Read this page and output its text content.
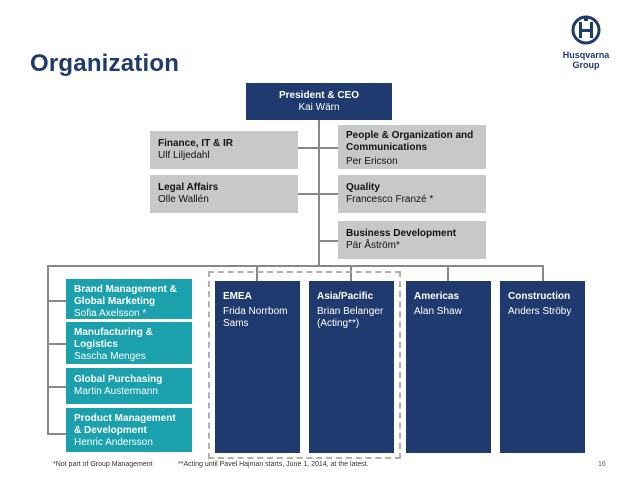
Organization	Husqvarna
Group
President & CEO
Kai Wärn
Finance, IT & IR
Ulf Liljedahl
Legal Affairs
Olle Wallén
People & Organization and Communications
Per Ericson
Quality
Francesco Franzé *
Business Development
Pär Åström*
Brand Management & Global Marketing
Sofia Axelsson *
Manufacturing & Logistics
Sascha Menges
Global Purchasing
Martin Austermann
Product Management & Development
Henric Andersson
EMEA
Frida Norrbom Sams
Asia/Pacific
Brian Belanger (Acting**)
Americas
Alan Shaw
Construction
Anders Ströby
*Not part of Group Management	**Acting until Pavel Hajman starts, June 1, 2014, at the latest.	16
